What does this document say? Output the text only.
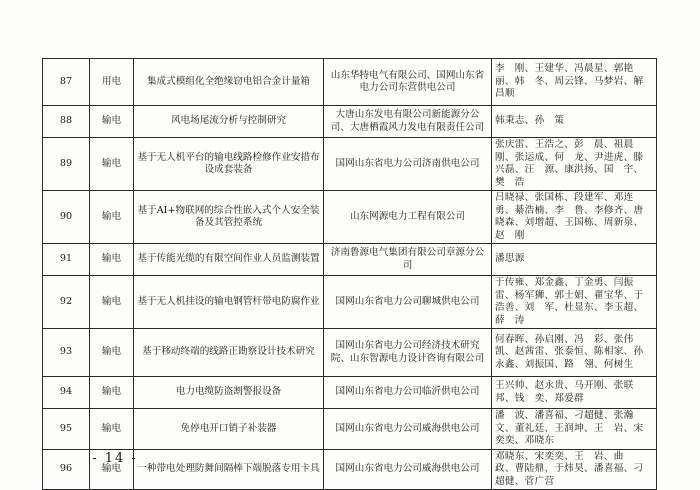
87	用电	集成式模组化全绝缘窃电铝合金计量箱	山东华特电气有限公司、国网山东省电力公司东营供电公司	李　刚、王建华、冯晨星、郭艳丽、韩　冬、周云锋、马梦岩、解昌顺
88	输电	风电场尾流分析与控制研究	大唐山东发电有限公司新能源分公司、大唐栖霞风力发电有限责任公司	韩秉志、孙　策
89	输电	基于无人机平台的输电线路检修作业安措布设成套装备	国网山东省电力公司济南供电公司	张庆雷、王浩之、彭　晨、祖晨刚、张运成、何　龙、尹进虎、滕兴磊、汪　源、康洪扬、国　宇、樊　浩
90	输电	基于AI+物联网的综合性嵌入式个人安全装备及其管控系统	山东网源电力工程有限公司	吕晓禄、张国栋、段建军、邓连勇、綦浩楠、李　鲁、李修齐、唐晓森、刘增超、王国栋、周新泉、赵　刚
91	输电	基于传能光缆的有限空间作业人员监测装置	济南鲁源电气集团有限公司章源分公司	潘思源
92	输电	基于无人机挂设的输电钢管杆带电防腐作业	国网山东省电力公司聊城供电公司	于传雍、郑金鑫、丁金勇、闫振雷、杨军狮、郭士娟、翟宝华、于浩善、刘　军、杜显东、李玉超、薛　涛
93	输电	基于移动终端的线路正勘察设计技术研究	国网山东省电力公司经济技术研究院、山东智源电力设计咨询有限公司	何春晖、孙启刚、冯　彩、张伟凯、赵茜雷、张泰恒、陈相家、孙永鑫、刘振国、路　翎、何树生
94	输电	电力电缆防盗割警报设备	国网山东省电力公司临沂供电公司	王兴帅、赵永贵、马开刚、张联邦、钱　奕、郑爱群
95	输电	免停电开口销子补装器	国网山东省电力公司威海供电公司	潘　波、潘喜福、刁超健、张瀚文、董礼廷、王润坤、王　岩、宋奕奕、邓晓东
96	输电	一种带电处理防舞间隔棒下端脱落专用卡具	国网山东省电力公司威海供电公司	邓晓东、宋奕奕、王　岩、曲　政、曹陆鼎、于炜昊、潘喜福、刁超健、菅广营
- 14 -
